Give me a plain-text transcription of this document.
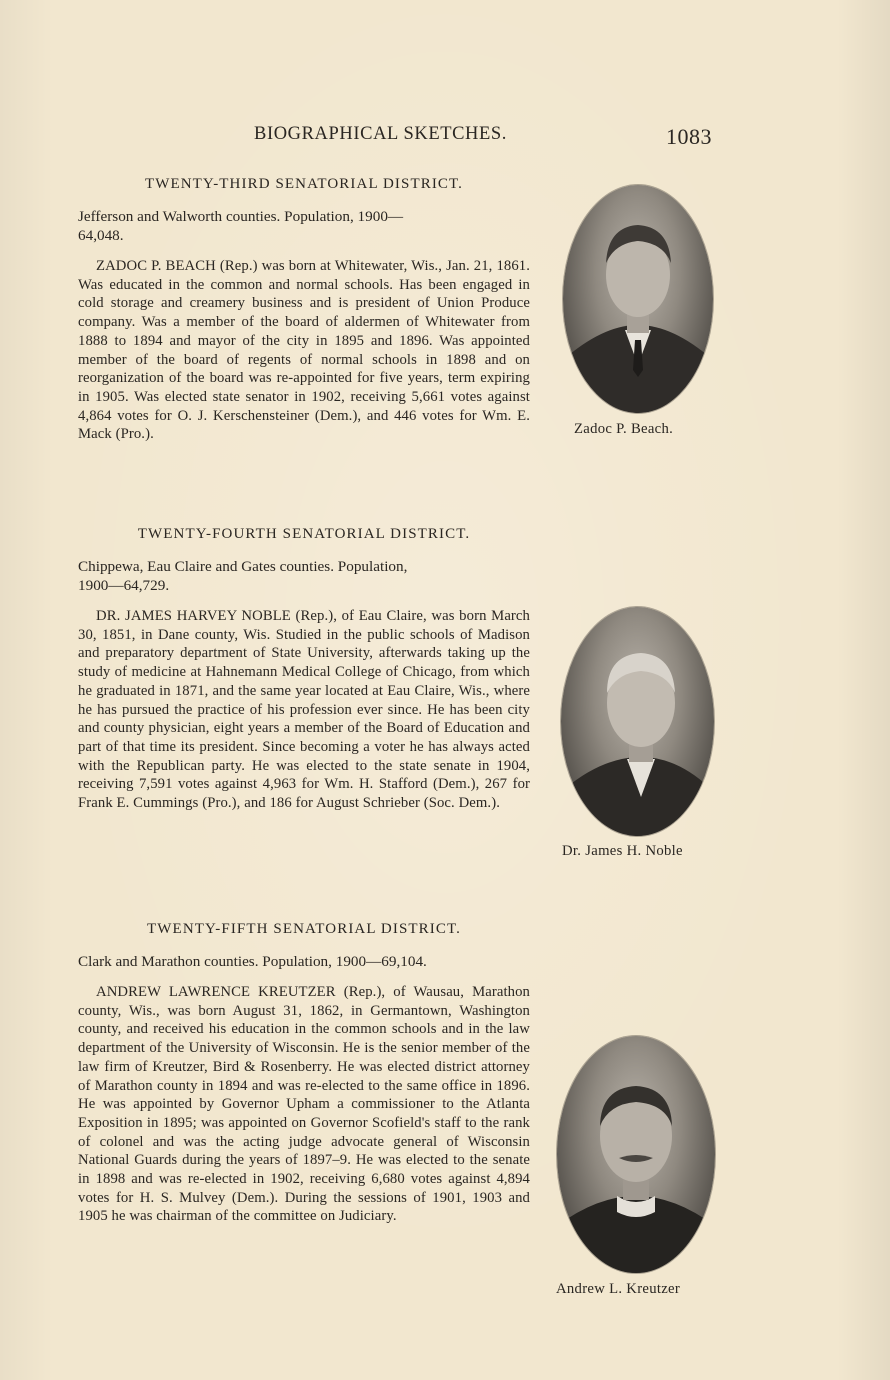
BIOGRAPHICAL SKETCHES.	1083
TWENTY-THIRD SENATORIAL DISTRICT.
Jefferson and Walworth counties. Population, 1900—
64,048.

ZADOC P. BEACH (Rep.) was born at Whitewater, Wis., Jan. 21, 1861. Was educated in the common and normal schools. Has been engaged in cold storage and creamery business and is president of Union Produce company. Was a member of the board of aldermen of Whitewater from 1888 to 1894 and mayor of the city in 1895 and 1896. Was appointed member of the board of regents of normal schools in 1898 and on reorganization of the board was re-appointed for five years, term expiring in 1905. Was elected state senator in 1902, receiving 5,661 votes against 4,864 votes for O. J. Kerschensteiner (Dem.), and 446 votes for Wm. E. Mack (Pro.).	Zadoc P. Beach.
TWENTY-FOURTH SENATORIAL DISTRICT.
Chippewa, Eau Claire and Gates counties. Population,
1900—64,729.

DR. JAMES HARVEY NOBLE (Rep.), of Eau Claire, was born March 30, 1851, in Dane county, Wis. Studied in the public schools of Madison and preparatory department of State University, afterwards taking up the study of medicine at Hahnemann Medical College of Chicago, from which he graduated in 1871, and the same year located at Eau Claire, Wis., where he has pursued the practice of his profession ever since. He has been city and county physician, eight years a member of the Board of Education and part of that time its president. Since becoming a voter he has always acted with the Republican party. He was elected to the state senate in 1904, receiving 7,591 votes against 4,963 for Wm. H. Stafford (Dem.), 267 for Frank E. Cummings (Pro.), and 186 for August Schrieber (Soc. Dem.).

Dr. James H. Noble
TWENTY-FIFTH SENATORIAL DISTRICT.
Clark and Marathon counties. Population, 1900—69,104.

ANDREW LAWRENCE KREUTZER (Rep.), of Wausau, Marathon county, Wis., was born August 31, 1862, in Germantown, Washington county, and received his education in the common schools and in the law department of the University of Wisconsin. He is the senior member of the law firm of Kreutzer, Bird & Rosenberry. He was elected district attorney of Marathon county in 1894 and was re-elected to the same office in 1896. He was appointed by Governor Upham a commissioner to the Atlanta Exposition in 1895; was appointed on Governor Scofield's staff to the rank of colonel and was the acting judge advocate general of Wisconsin National Guards during the years of 1897–9. He was elected to the senate in 1898 and was re-elected in 1902, receiving 6,680 votes against 4,894 votes for H. S. Mulvey (Dem.). During the sessions of 1901, 1903 and 1905 he was chairman of the committee on Judiciary.

Andrew L. Kreutzer
